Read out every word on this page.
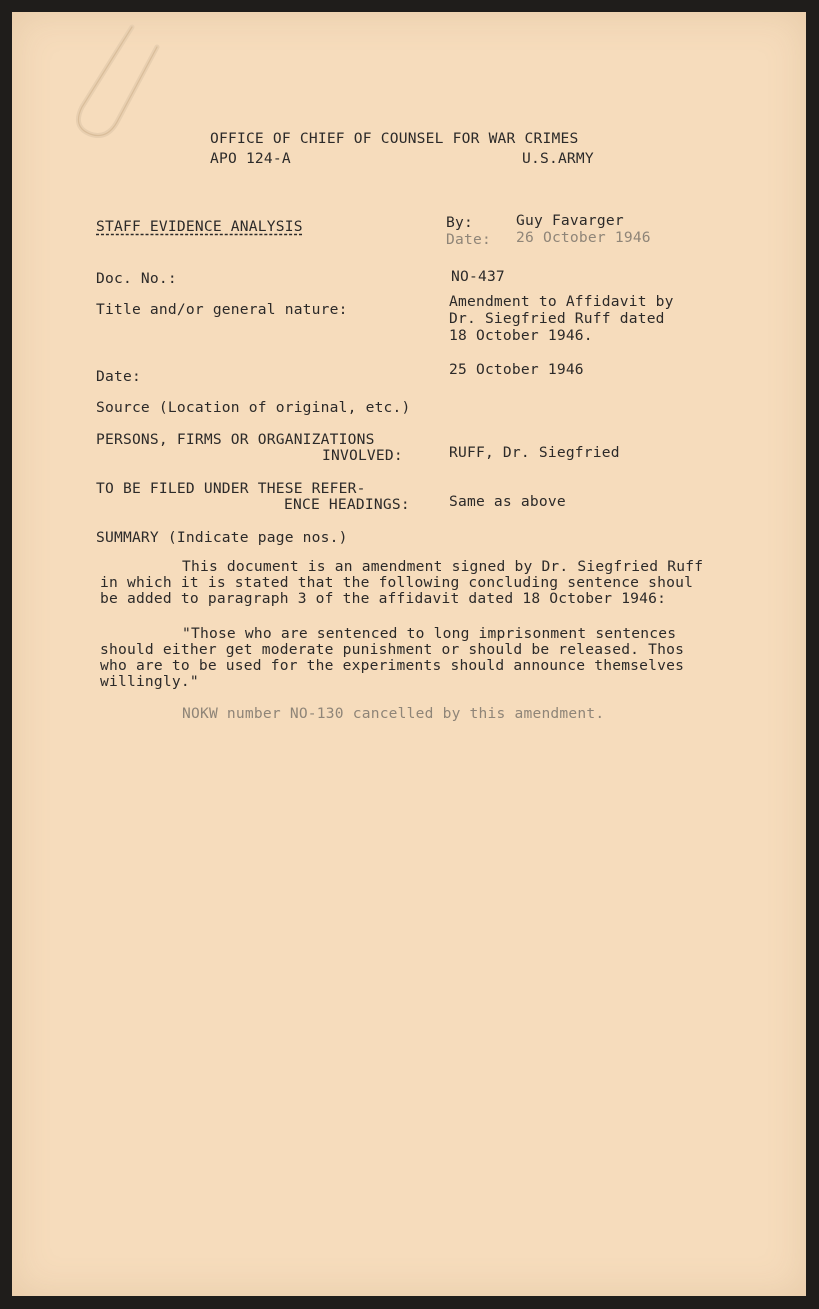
OFFICE OF CHIEF OF COUNSEL FOR WAR CRIMES
APO 124-A	U.S.ARMY
STAFF EVIDENCE ANALYSIS	By:	Guy Favarger
Date: 26 October 1946
Doc. No.:	NO-437
Title and/or general nature:	Amendment to Affidavit by
Dr. Siegfried Ruff dated
18 October 1946.
Date:	25 October 1946
Source (Location of original, etc.)
PERSONS, FIRMS OR ORGANIZATIONS
INVOLVED:	RUFF, Dr. Siegfried
TO BE FILED UNDER THESE REFER-
ENCE HEADINGS:	Same as above
SUMMARY (Indicate page nos.)
This document is an amendment signed by Dr. Siegfried Ruff
in which it is stated that the following concluding sentence shoul
be added to paragraph 3 of the affidavit dated 18 October 1946:
"Those who are sentenced to long imprisonment sentences
should either get moderate punishment or should be released. Thos
who are to be used for the experiments should announce themselves
willingly."
NOKW number NO-130 cancelled by this amendment.
